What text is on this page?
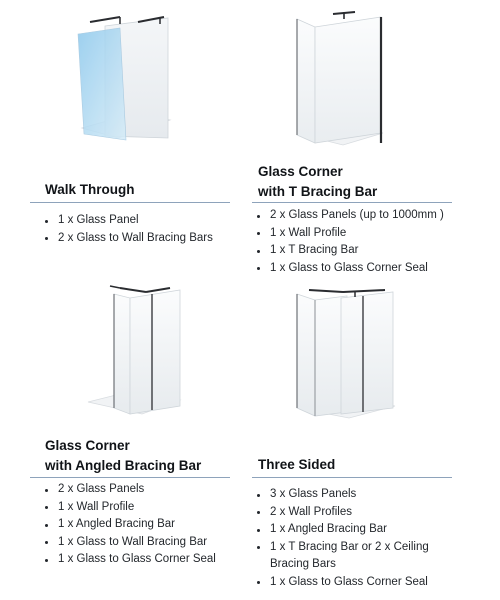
Walk Through
1 x Glass Panel
2 x Glass to Wall Bracing Bars
Glass Corner
with T Bracing Bar
2 x Glass Panels (up to 1000mm )
1 x Wall Profile
1 x T Bracing Bar
1 x Glass to Glass Corner Seal
Glass Corner
with Angled Bracing Bar
2 x Glass Panels
1 x Wall Profile
1 x Angled Bracing Bar
1 x Glass to Wall Bracing Bar
1 x Glass to Glass Corner Seal
Three Sided
3 x Glass Panels
2 x Wall Profiles
1 x Angled Bracing Bar
1 x T Bracing Bar or 2 x Ceiling
Bracing Bars
1 x Glass to Glass Corner Seal
